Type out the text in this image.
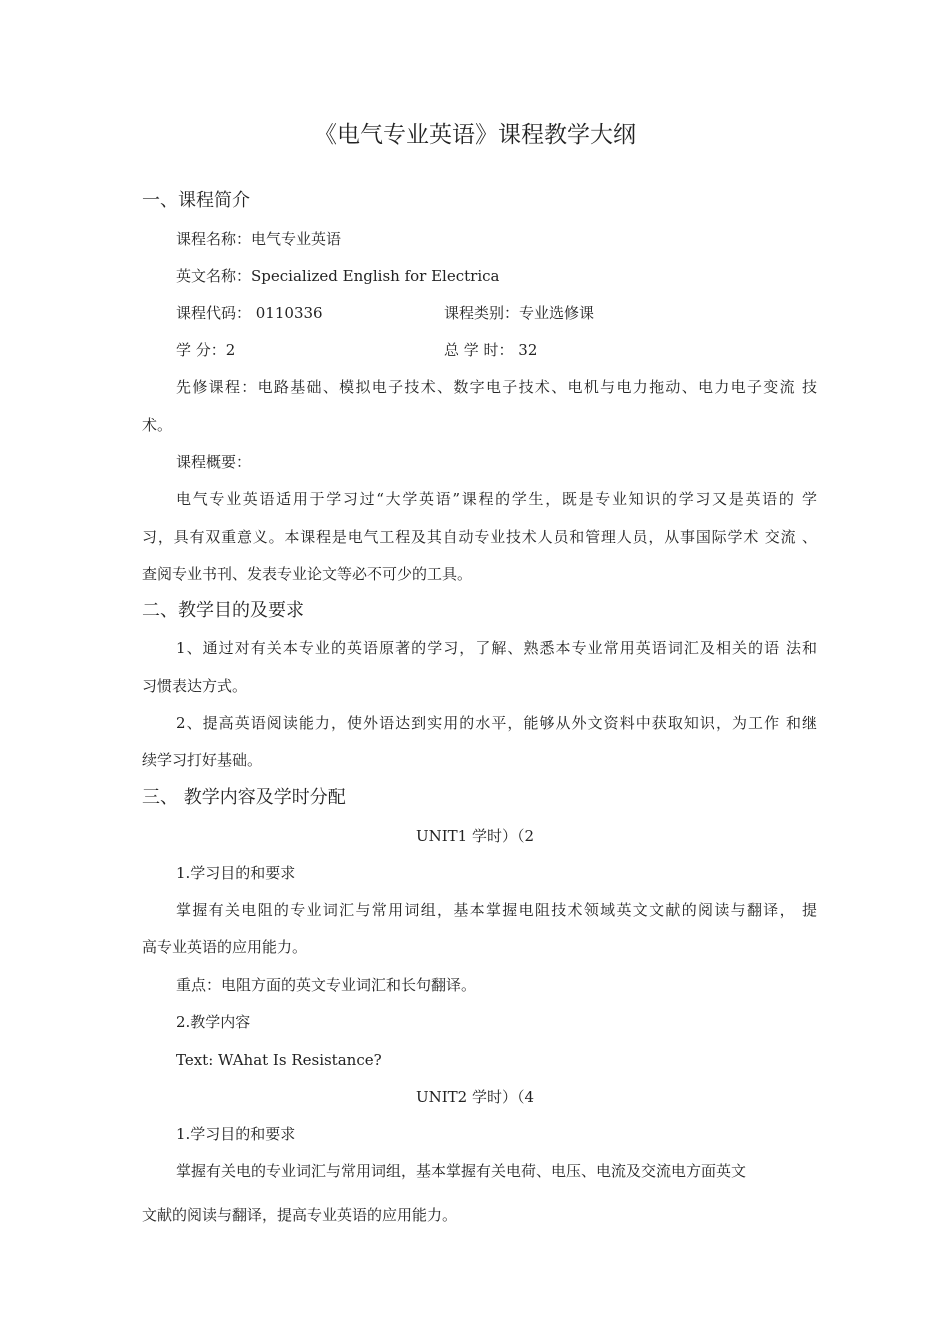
《电气专业英语》课程教学大纲
一、课程简介
课程名称：电气专业英语
英文名称：Specialized English for Electrica
课程代码： 0110336	课程类别：专业选修课
学 分：2	总 学 时： 32
先修课程：电路基础、模拟电子技术、数字电子技术、电机与电力拖动、电力电子变流 技
术。
课程概要：
电气专业英语适用于学习过“大学英语”课程的学生，既是专业知识的学习又是英语的 学
习，具有双重意义。本课程是电气工程及其自动专业技术人员和管理人员，从事国际学术 交流 、
查阅专业书刊、发表专业论文等必不可少的工具。
二、教学目的及要求
1、通过对有关本专业的英语原著的学习，了解、熟悉本专业常用英语词汇及相关的语 法和
习惯表达方式。
2、提高英语阅读能力，使外语达到实用的水平，能够从外文资料中获取知识，为工作 和继
续学习打好基础。
三、 教学内容及学时分配
UNIT1 学时）（2
1.学习目的和要求
掌握有关电阻的专业词汇与常用词组，基本掌握电阻技术领域英文文献的阅读与翻译， 提
高专业英语的应用能力。
重点：电阻方面的英文专业词汇和长句翻译。
2.教学内容
Text: WAhat Is Resistance?
UNIT2 学时）（4
1.学习目的和要求
掌握有关电的专业词汇与常用词组，基本掌握有关电荷、电压、电流及交流电方面英文
文献的阅读与翻译，提高专业英语的应用能力。
